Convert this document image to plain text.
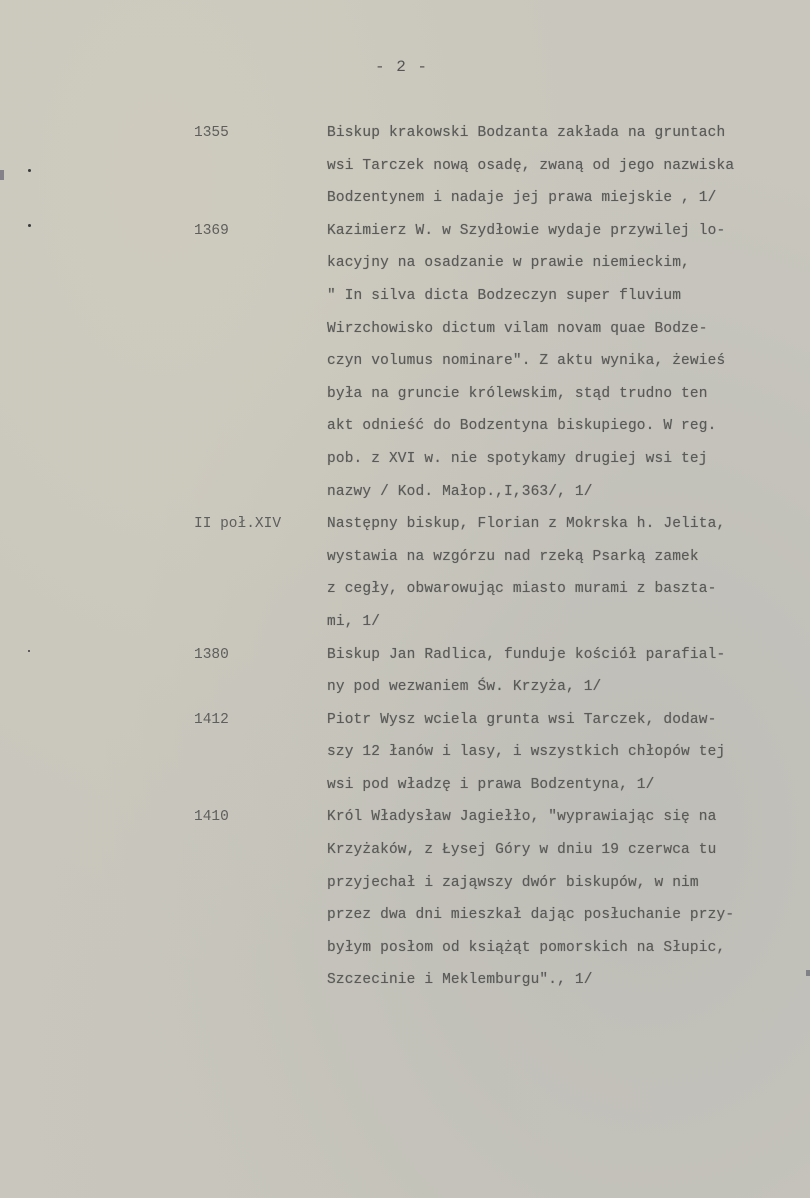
- 2 -
1355	Biskup krakowski Bodzanta zakłada na gruntach
wsi Tarczek nową osadę, zwaną od jego nazwiska
Bodzentynem i nadaje jej prawa miejskie , 1/
1369	Kazimierz W. w Szydłowie wydaje przywilej lo-
kacyjny na osadzanie w prawie niemieckim,
" In silva dicta Bodzeczyn super fluvium
Wirzchowisko dictum vilam novam quae Bodze-
czyn volumus nominare". Z aktu wynika, żewieś
była na gruncie królewskim, stąd trudno ten
akt odnieść do Bodzentyna biskupiego. W reg.
pob. z XVI w. nie spotykamy drugiej wsi tej
nazwy / Kod. Małop.,I,363/, 1/
II poł.XIV	Następny biskup, Florian z Mokrska h. Jelita,
wystawia na wzgórzu nad rzeką Psarką zamek
z cegły, obwarowując miasto murami z baszta-
mi, 1/
1380	Biskup Jan Radlica, funduje kościół parafial-
ny pod wezwaniem Św. Krzyża, 1/
1412	Piotr Wysz wcielа grunta wsi Tarczek, dodaw-
szy 12 łanów i lasy, i wszystkich chłopów tej
wsi pod władzę i prawa Bodzentyna, 1/
1410	Król Władysław Jagiełło, "wyprawiając się na
Krzyżaków, z Łysej Góry w dniu 19 czerwca tu
przyjechał i zająwszy dwór biskupów, w nim
przez dwa dni mieszkał dając posłuchanie przy-
byłym posłom od książąt pomorskich na Słupic,
Szczecinie i Meklemburgu"., 1/
